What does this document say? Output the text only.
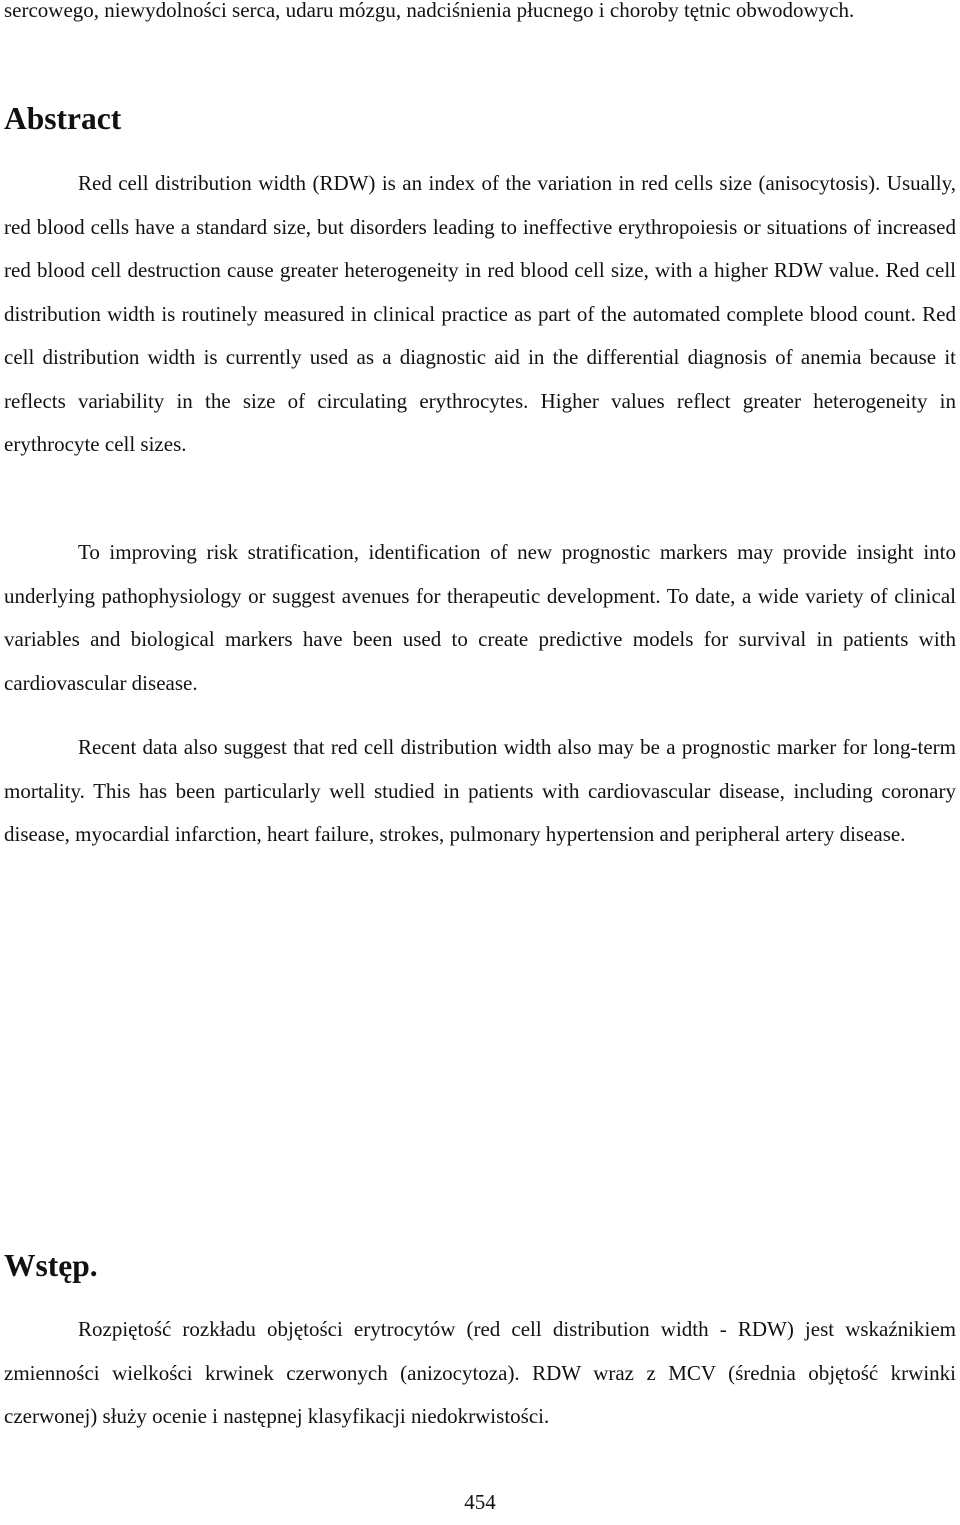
sercowego, niewydolności serca, udaru mózgu, nadciśnienia płucnego i choroby tętnic obwodowych.

Abstract

Red cell distribution width (RDW) is an index of the variation in red cells size (anisocytosis). Usually, red blood cells have a standard size, but disorders leading to ineffective erythropoiesis or situations of increased red blood cell destruction cause greater heterogeneity in red blood cell size, with a higher RDW value. Red cell distribution width is routinely measured in clinical practice as part of the automated complete blood count. Red cell distribution width is currently used as a diagnostic aid in the differential diagnosis of anemia because it reflects variability in the size of circulating erythrocytes. Higher values reflect greater heterogeneity in erythrocyte cell sizes.

To improving risk stratification, identification of new prognostic markers may provide insight into underlying pathophysiology or suggest avenues for therapeutic development. To date, a wide variety of clinical variables and biological markers have been used to create predictive models for survival in patients with cardiovascular disease.

Recent data also suggest that red cell distribution width also may be a prognostic marker for long-term mortality. This has been particularly well studied in patients with cardiovascular disease, including coronary disease, myocardial infarction, heart failure, strokes, pulmonary hypertension and peripheral artery disease.

Wstęp.

Rozpiętość rozkładu objętości erytrocytów (red cell distribution width - RDW) jest wskaźnikiem zmienności wielkości krwinek czerwonych (anizocytoza). RDW wraz z MCV (średnia objętość krwinki czerwonej) służy ocenie i następnej klasyfikacji niedokrwistości.

454
